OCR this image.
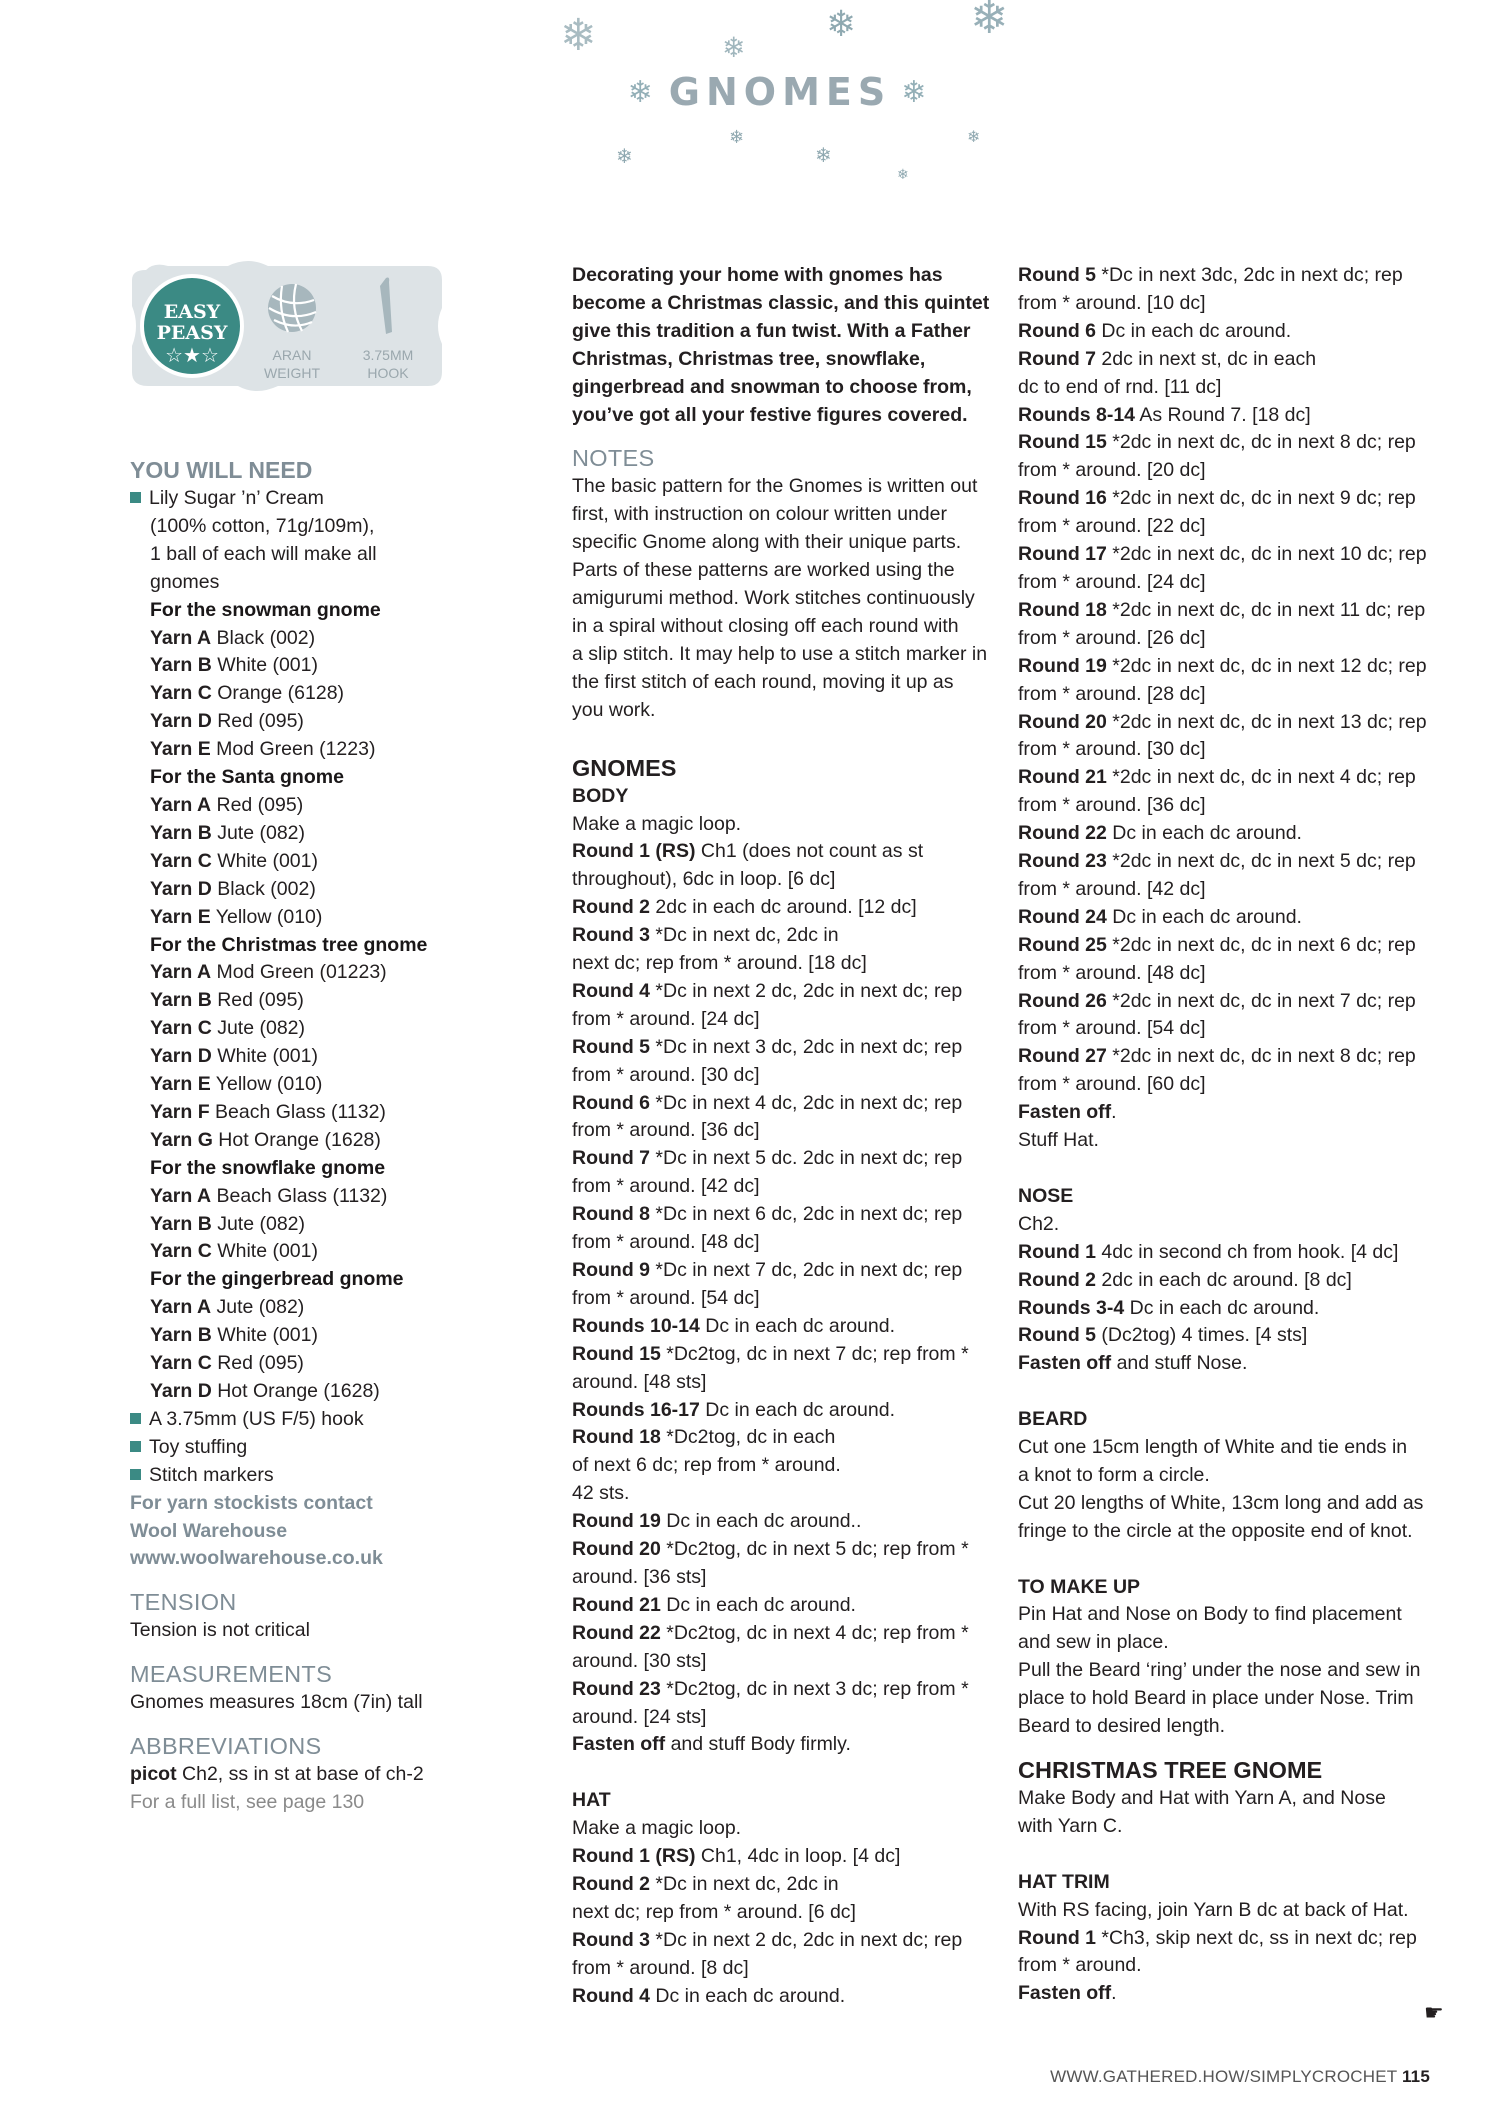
❄	❄ ❄
❄
❄	❄
❄	❄
❄
❄ GNOMES ❄
EASY
PEASY
☆★☆	ARAN
WEIGHT
3.75MM
HOOK

YOU WILL NEED

Lily Sugar ’n’ Cream

(100% cotton, 71g/109m),

1 ball of each will make all

gnomes

For the snowman gnome

Yarn A Black (002)

Yarn B White (001)

Yarn C Orange (6128)

Yarn D Red (095)

Yarn E Mod Green (1223)

For the Santa gnome

Yarn A Red (095)

Yarn B Jute (082)

Yarn C White (001)

Yarn D Black (002)

Yarn E Yellow (010)

For the Christmas tree gnome

Yarn A Mod Green (01223)

Yarn B Red (095)

Yarn C Jute (082)

Yarn D White (001)

Yarn E Yellow (010)

Yarn F Beach Glass (1132)

Yarn G Hot Orange (1628)

For the snowflake gnome

Yarn A Beach Glass (1132)

Yarn B Jute (082)

Yarn C White (001)

For the gingerbread gnome

Yarn A Jute (082)

Yarn B White (001)

Yarn C Red (095)

Yarn D Hot Orange (1628)

A 3.75mm (US F/5) hook

Toy stuffing

Stitch markers

For yarn stockists contact

Wool Warehouse

www.woolwarehouse.co.uk

TENSION

Tension is not critical

MEASUREMENTS

Gnomes measures 18cm (7in) tall

ABBREVIATIONS

picot Ch2, ss in st at base of ch-2

For a full list, see page 130

Decorating your home with gnomes has

become a Christmas classic, and this quintet

give this tradition a fun twist. With a Father

Christmas, Christmas tree, snowflake,

gingerbread and snowman to choose from,

you’ve got all your festive figures covered.

NOTES

The basic pattern for the Gnomes is written out

first, with instruction on colour written under

specific Gnome along with their unique parts.

Parts of these patterns are worked using the

amigurumi method. Work stitches continuously

in a spiral without closing off each round with

a slip stitch. It may help to use a stitch marker in

the first stitch of each round, moving it up as

you work.

GNOMES

BODY

Make a magic loop.

Round 1 (RS) Ch1 (does not count as st

throughout), 6dc in loop. [6 dc]

Round 2 2dc in each dc around. [12 dc]

Round 3 *Dc in next dc, 2dc in

next dc; rep from * around. [18 dc]

Round 4 *Dc in next 2 dc, 2dc in next dc; rep

from * around. [24 dc]

Round 5 *Dc in next 3 dc, 2dc in next dc; rep

from * around. [30 dc]

Round 6 *Dc in next 4 dc, 2dc in next dc; rep

from * around. [36 dc]

Round 7 *Dc in next 5 dc. 2dc in next dc; rep

from * around. [42 dc]

Round 8 *Dc in next 6 dc, 2dc in next dc; rep

from * around. [48 dc]

Round 9 *Dc in next 7 dc, 2dc in next dc; rep

from * around. [54 dc]

Rounds 10-14 Dc in each dc around.

Round 15 *Dc2tog, dc in next 7 dc; rep from *

around. [48 sts]

Rounds 16-17 Dc in each dc around.

Round 18 *Dc2tog, dc in each

of next 6 dc; rep from * around.

42 sts.

Round 19 Dc in each dc around..

Round 20 *Dc2tog, dc in next 5 dc; rep from *

around. [36 sts]

Round 21 Dc in each dc around.

Round 22 *Dc2tog, dc in next 4 dc; rep from *

around. [30 sts]

Round 23 *Dc2tog, dc in next 3 dc; rep from *

around. [24 sts]

Fasten off and stuff Body firmly.

HAT

Make a magic loop.

Round 1 (RS) Ch1, 4dc in loop. [4 dc]

Round 2 *Dc in next dc, 2dc in

next dc; rep from * around. [6 dc]

Round 3 *Dc in next 2 dc, 2dc in next dc; rep

from * around. [8 dc]

Round 4 Dc in each dc around.

Round 5 *Dc in next 3dc, 2dc in next dc; rep

from * around. [10 dc]

Round 6 Dc in each dc around.

Round 7 2dc in next st, dc in each

dc to end of rnd. [11 dc]

Rounds 8-14 As Round 7. [18 dc]

Round 15 *2dc in next dc, dc in next 8 dc; rep

from * around. [20 dc]

Round 16 *2dc in next dc, dc in next 9 dc; rep

from * around. [22 dc]

Round 17 *2dc in next dc, dc in next 10 dc; rep

from * around. [24 dc]

Round 18 *2dc in next dc, dc in next 11 dc; rep

from * around. [26 dc]

Round 19 *2dc in next dc, dc in next 12 dc; rep

from * around. [28 dc]

Round 20 *2dc in next dc, dc in next 13 dc; rep

from * around. [30 dc]

Round 21 *2dc in next dc, dc in next 4 dc; rep

from * around. [36 dc]

Round 22 Dc in each dc around.

Round 23 *2dc in next dc, dc in next 5 dc; rep

from * around. [42 dc]

Round 24 Dc in each dc around.

Round 25 *2dc in next dc, dc in next 6 dc; rep

from * around. [48 dc]

Round 26 *2dc in next dc, dc in next 7 dc; rep

from * around. [54 dc]

Round 27 *2dc in next dc, dc in next 8 dc; rep

from * around. [60 dc]

Fasten off.

Stuff Hat.

NOSE

Ch2.

Round 1 4dc in second ch from hook. [4 dc]

Round 2 2dc in each dc around. [8 dc]

Rounds 3-4 Dc in each dc around.

Round 5 (Dc2tog) 4 times. [4 sts]

Fasten off and stuff Nose.

BEARD

Cut one 15cm length of White and tie ends in

a knot to form a circle.

Cut 20 lengths of White, 13cm long and add as

fringe to the circle at the opposite end of knot.

TO MAKE UP

Pin Hat and Nose on Body to find placement

and sew in place.

Pull the Beard ‘ring’ under the nose and sew in

place to hold Beard in place under Nose. Trim

Beard to desired length.

CHRISTMAS TREE GNOME

Make Body and Hat with Yarn A, and Nose

with Yarn C.

HAT TRIM

With RS facing, join Yarn B dc at back of Hat.

Round 1 *Ch3, skip next dc, ss in next dc; rep

from * around.

Fasten off.

☛
WWW.GATHERED.HOW/SIMPLYCROCHET 115
